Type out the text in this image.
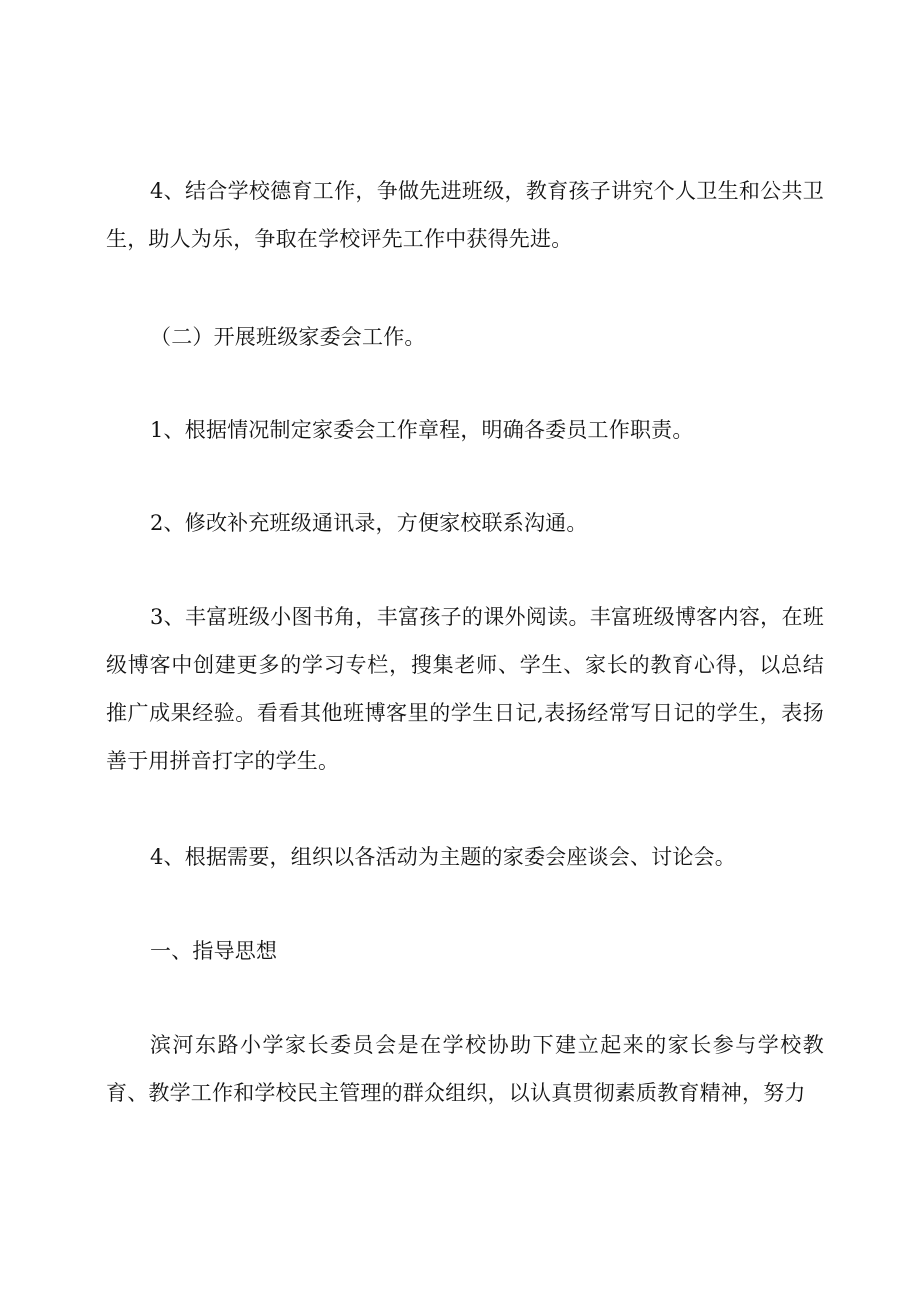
4、结合学校德育工作，争做先进班级，教育孩子讲究个人卫生和公共卫生，助人为乐，争取在学校评先工作中获得先进。

（二）开展班级家委会工作。

1、根据情况制定家委会工作章程，明确各委员工作职责。

2、修改补充班级通讯录，方便家校联系沟通。

3、丰富班级小图书角，丰富孩子的课外阅读。丰富班级博客内容，在班级博客中创建更多的学习专栏，搜集老师、学生、家长的教育心得，以总结推广成果经验。看看其他班博客里的学生日记,表扬经常写日记的学生，表扬善于用拼音打字的学生。

4、根据需要，组织以各活动为主题的家委会座谈会、讨论会。

一、指导思想

滨河东路小学家长委员会是在学校协助下建立起来的家长参与学校教育、教学工作和学校民主管理的群众组织，以认真贯彻素质教育精神，努力
